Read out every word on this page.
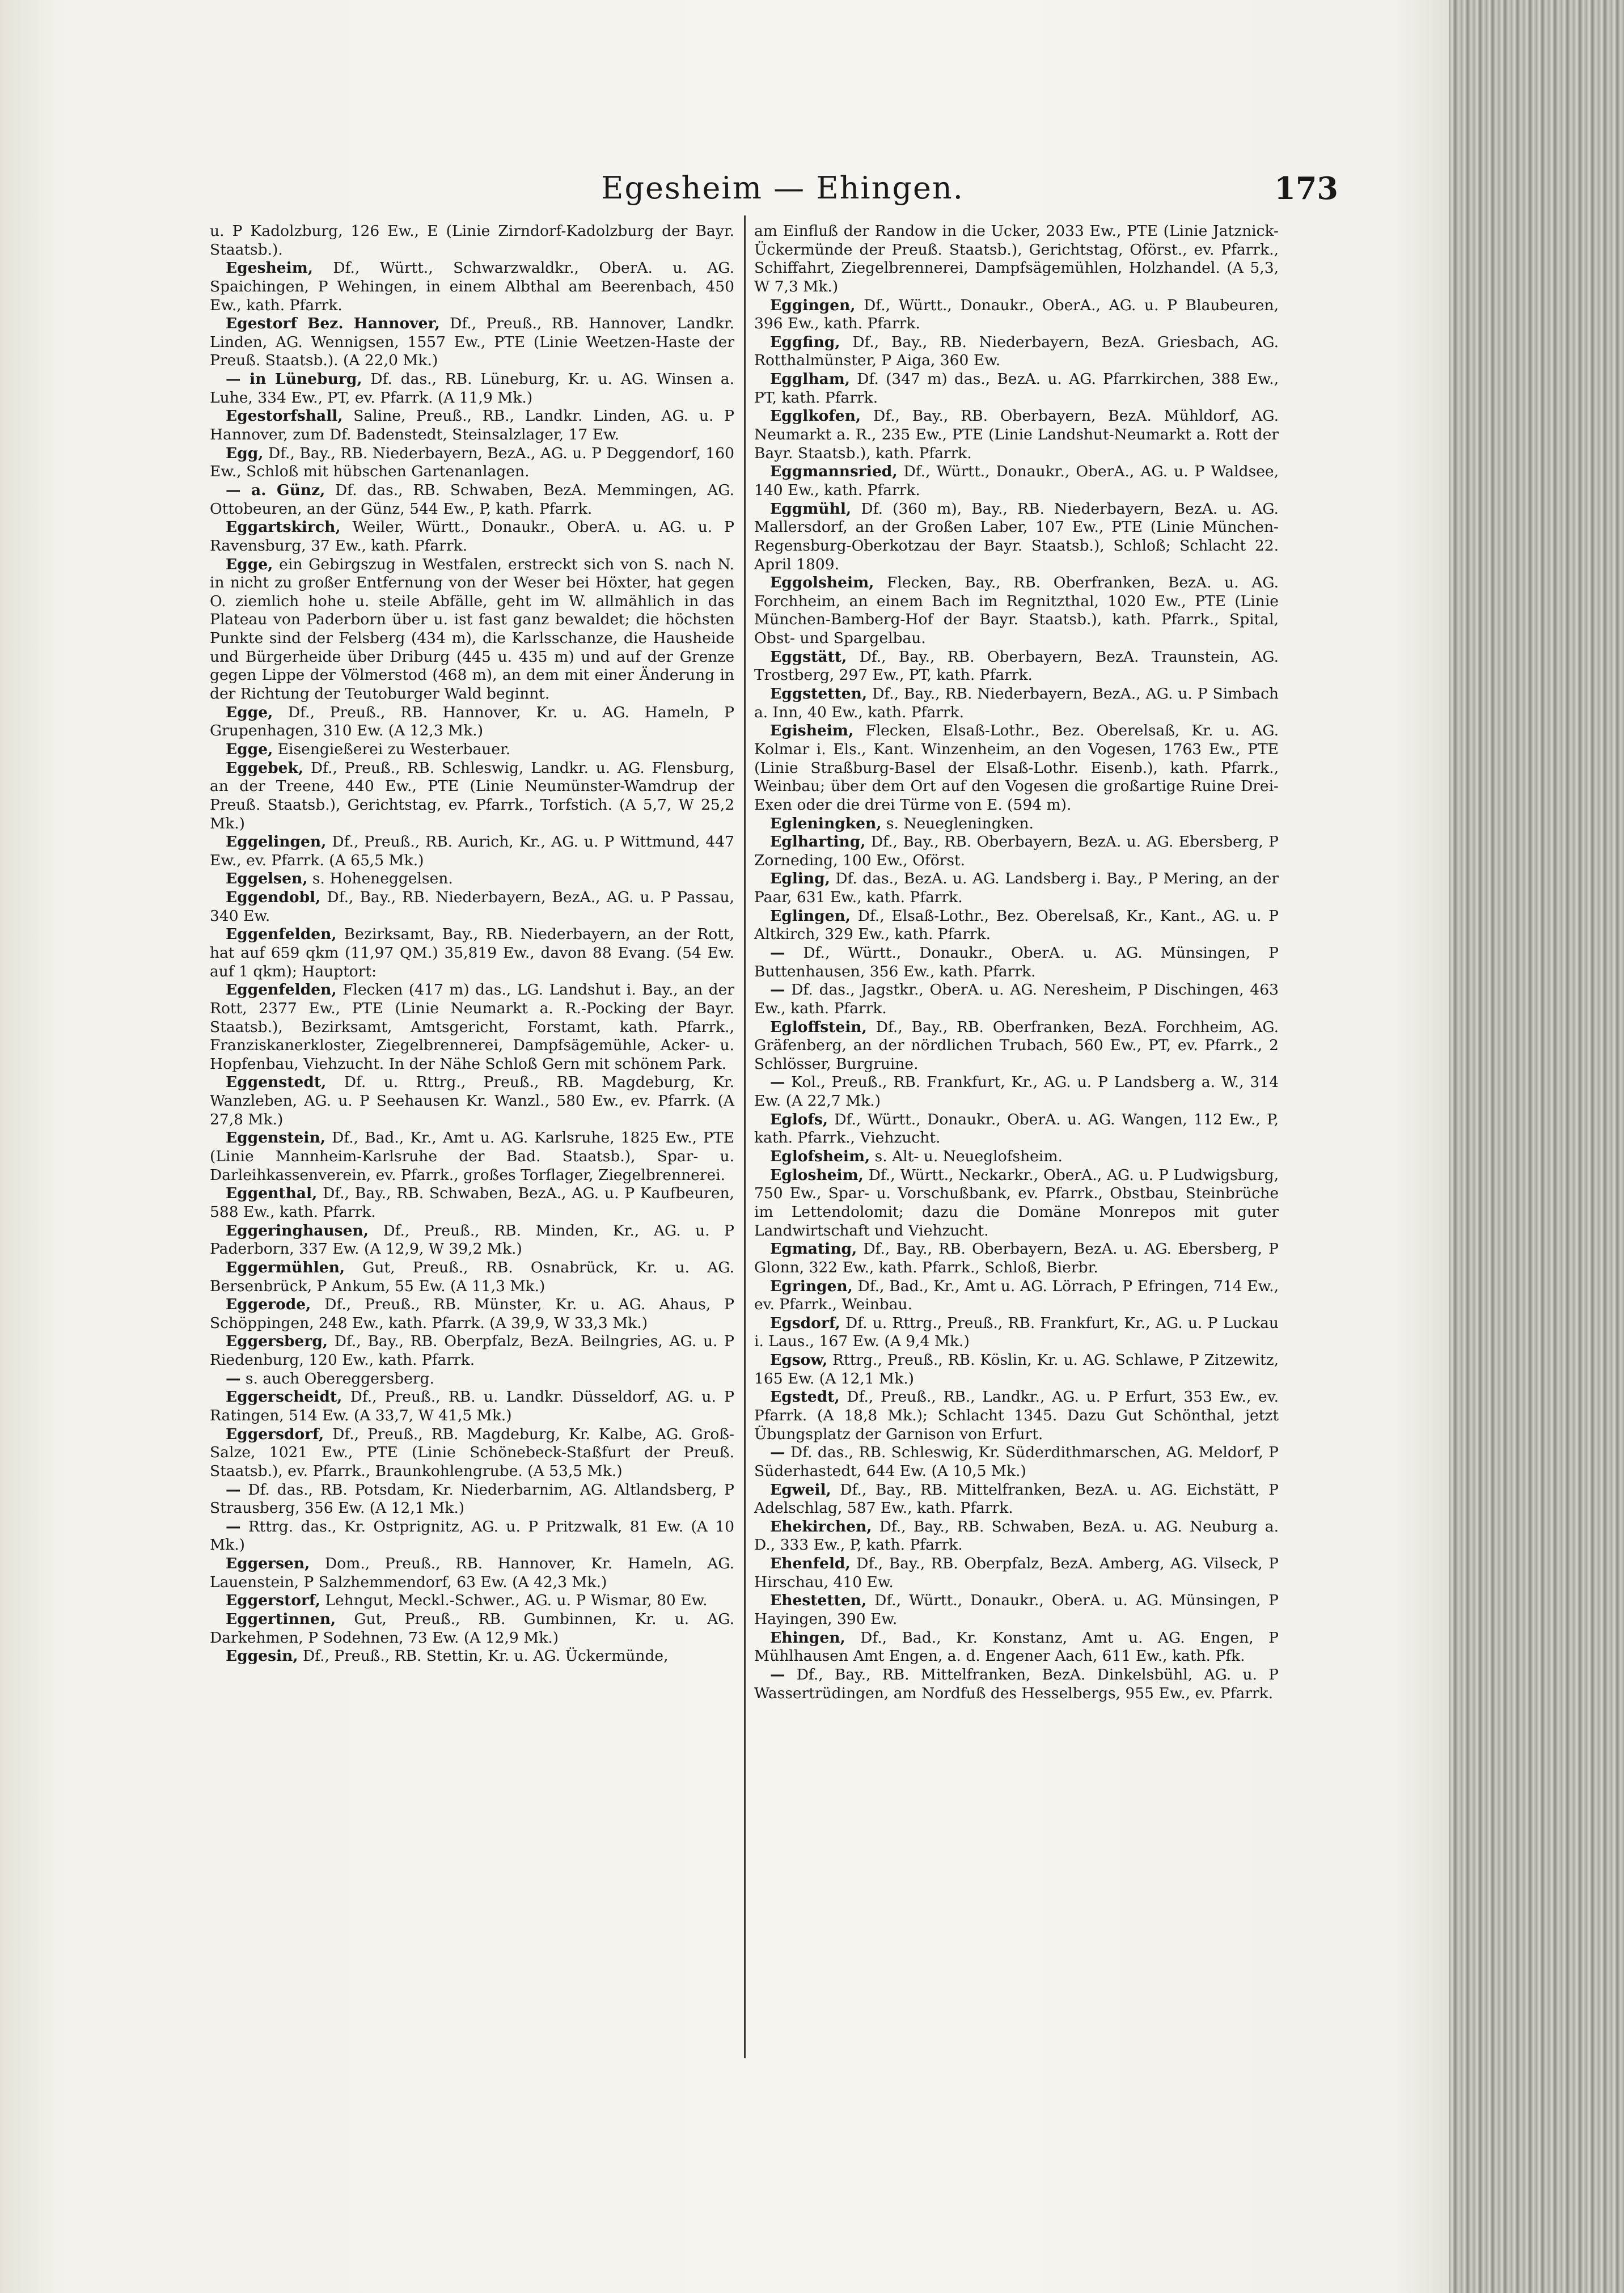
Egesheim — Ehingen.	173

u. P Kadolzburg, 126 Ew., E (Linie Zirndorf-Kadolzburg der Bayr. Staatsb.).

Egesheim, Df., Württ., Schwarzwaldkr., OberA. u. AG. Spaichingen, P Wehingen, in einem Albthal am Beerenbach, 450 Ew., kath. Pfarrk.

Egestorf Bez. Hannover, Df., Preuß., RB. Hannover, Landkr. Linden, AG. Wennigsen, 1557 Ew., PTE (Linie Weetzen-Haste der Preuß. Staatsb.). (A 22,0 Mk.)

— in Lüneburg, Df. das., RB. Lüneburg, Kr. u. AG. Winsen a. Luhe, 334 Ew., PT, ev. Pfarrk. (A 11,9 Mk.)

Egestorfshall, Saline, Preuß., RB., Landkr. Linden, AG. u. P Hannover, zum Df. Badenstedt, Steinsalzlager, 17 Ew.

Egg, Df., Bay., RB. Niederbayern, BezA., AG. u. P Deggendorf, 160 Ew., Schloß mit hübschen Gartenanlagen.

— a. Günz, Df. das., RB. Schwaben, BezA. Memmingen, AG. Ottobeuren, an der Günz, 544 Ew., P, kath. Pfarrk.

Eggartskirch, Weiler, Württ., Donaukr., OberA. u. AG. u. P Ravensburg, 37 Ew., kath. Pfarrk.

Egge, ein Gebirgszug in Westfalen, erstreckt sich von S. nach N. in nicht zu großer Entfernung von der Weser bei Höxter, hat gegen O. ziemlich hohe u. steile Abfälle, geht im W. allmählich in das Plateau von Paderborn über u. ist fast ganz bewaldet; die höchsten Punkte sind der Felsberg (434 m), die Karlsschanze, die Hausheide und Bürgerheide über Driburg (445 u. 435 m) und auf der Grenze gegen Lippe der Völmerstod (468 m), an dem mit einer Änderung in der Richtung der Teutoburger Wald beginnt.

Egge, Df., Preuß., RB. Hannover, Kr. u. AG. Hameln, P Grupenhagen, 310 Ew. (A 12,3 Mk.)

Egge, Eisengießerei zu Westerbauer.

Eggebek, Df., Preuß., RB. Schleswig, Landkr. u. AG. Flensburg, an der Treene, 440 Ew., PTE (Linie Neumünster-Wamdrup der Preuß. Staatsb.), Gerichtstag, ev. Pfarrk., Torfstich. (A 5,7, W 25,2 Mk.)

Eggelingen, Df., Preuß., RB. Aurich, Kr., AG. u. P Wittmund, 447 Ew., ev. Pfarrk. (A 65,5 Mk.)

Eggelsen, s. Hoheneggelsen.

Eggendobl, Df., Bay., RB. Niederbayern, BezA., AG. u. P Passau, 340 Ew.

Eggenfelden, Bezirksamt, Bay., RB. Niederbayern, an der Rott, hat auf 659 qkm (11,97 QM.) 35,819 Ew., davon 88 Evang. (54 Ew. auf 1 qkm); Hauptort:

Eggenfelden, Flecken (417 m) das., LG. Landshut i. Bay., an der Rott, 2377 Ew., PTE (Linie Neumarkt a. R.-Pocking der Bayr. Staatsb.), Bezirksamt, Amtsgericht, Forstamt, kath. Pfarrk., Franziskanerkloster, Ziegelbrennerei, Dampfsägemühle, Acker- u. Hopfenbau, Viehzucht. In der Nähe Schloß Gern mit schönem Park.

Eggenstedt, Df. u. Rttrg., Preuß., RB. Magdeburg, Kr. Wanzleben, AG. u. P Seehausen Kr. Wanzl., 580 Ew., ev. Pfarrk. (A 27,8 Mk.)

Eggenstein, Df., Bad., Kr., Amt u. AG. Karlsruhe, 1825 Ew., PTE (Linie Mannheim-Karlsruhe der Bad. Staatsb.), Spar- u. Darleihkassenverein, ev. Pfarrk., großes Torflager, Ziegelbrennerei.

Eggenthal, Df., Bay., RB. Schwaben, BezA., AG. u. P Kaufbeuren, 588 Ew., kath. Pfarrk.

Eggeringhausen, Df., Preuß., RB. Minden, Kr., AG. u. P Paderborn, 337 Ew. (A 12,9, W 39,2 Mk.)

Eggermühlen, Gut, Preuß., RB. Osnabrück, Kr. u. AG. Bersenbrück, P Ankum, 55 Ew. (A 11,3 Mk.)

Eggerode, Df., Preuß., RB. Münster, Kr. u. AG. Ahaus, P Schöppingen, 248 Ew., kath. Pfarrk. (A 39,9, W 33,3 Mk.)

Eggersberg, Df., Bay., RB. Oberpfalz, BezA. Beilngries, AG. u. P Riedenburg, 120 Ew., kath. Pfarrk.

— s. auch Obereggersberg.

Eggerscheidt, Df., Preuß., RB. u. Landkr. Düsseldorf, AG. u. P Ratingen, 514 Ew. (A 33,7, W 41,5 Mk.)

Eggersdorf, Df., Preuß., RB. Magdeburg, Kr. Kalbe, AG. Groß-Salze, 1021 Ew., PTE (Linie Schönebeck-Staßfurt der Preuß. Staatsb.), ev. Pfarrk., Braunkohlengrube. (A 53,5 Mk.)

— Df. das., RB. Potsdam, Kr. Niederbarnim, AG. Altlandsberg, P Strausberg, 356 Ew. (A 12,1 Mk.)

— Rttrg. das., Kr. Ostprignitz, AG. u. P Pritzwalk, 81 Ew. (A 10 Mk.)

Eggersen, Dom., Preuß., RB. Hannover, Kr. Hameln, AG. Lauenstein, P Salzhemmendorf, 63 Ew. (A 42,3 Mk.)

Eggerstorf, Lehngut, Meckl.-Schwer., AG. u. P Wismar, 80 Ew.

Eggertinnen, Gut, Preuß., RB. Gumbinnen, Kr. u. AG. Darkehmen, P Sodehnen, 73 Ew. (A 12,9 Mk.)

Eggesin, Df., Preuß., RB. Stettin, Kr. u. AG. Ückermünde,

am Einfluß der Randow in die Ucker, 2033 Ew., PTE (Linie Jatznick-Ückermünde der Preuß. Staatsb.), Gerichtstag, Oförst., ev. Pfarrk., Schiffahrt, Ziegelbrennerei, Dampfsägemühlen, Holzhandel. (A 5,3, W 7,3 Mk.)

Eggingen, Df., Württ., Donaukr., OberA., AG. u. P Blaubeuren, 396 Ew., kath. Pfarrk.

Eggfing, Df., Bay., RB. Niederbayern, BezA. Griesbach, AG. Rotthalmünster, P Aiga, 360 Ew.

Egglham, Df. (347 m) das., BezA. u. AG. Pfarrkirchen, 388 Ew., PT, kath. Pfarrk.

Egglkofen, Df., Bay., RB. Oberbayern, BezA. Mühldorf, AG. Neumarkt a. R., 235 Ew., PTE (Linie Landshut-Neumarkt a. Rott der Bayr. Staatsb.), kath. Pfarrk.

Eggmannsried, Df., Württ., Donaukr., OberA., AG. u. P Waldsee, 140 Ew., kath. Pfarrk.

Eggmühl, Df. (360 m), Bay., RB. Niederbayern, BezA. u. AG. Mallersdorf, an der Großen Laber, 107 Ew., PTE (Linie München-Regensburg-Oberkotzau der Bayr. Staatsb.), Schloß; Schlacht 22. April 1809.

Eggolsheim, Flecken, Bay., RB. Oberfranken, BezA. u. AG. Forchheim, an einem Bach im Regnitzthal, 1020 Ew., PTE (Linie München-Bamberg-Hof der Bayr. Staatsb.), kath. Pfarrk., Spital, Obst- und Spargelbau.

Eggstätt, Df., Bay., RB. Oberbayern, BezA. Traunstein, AG. Trostberg, 297 Ew., PT, kath. Pfarrk.

Eggstetten, Df., Bay., RB. Niederbayern, BezA., AG. u. P Simbach a. Inn, 40 Ew., kath. Pfarrk.

Egisheim, Flecken, Elsaß-Lothr., Bez. Oberelsaß, Kr. u. AG. Kolmar i. Els., Kant. Winzenheim, an den Vogesen, 1763 Ew., PTE (Linie Straßburg-Basel der Elsaß-Lothr. Eisenb.), kath. Pfarrk., Weinbau; über dem Ort auf den Vogesen die großartige Ruine Drei-Exen oder die drei Türme von E. (594 m).

Egleningken, s. Neuegleningken.

Eglharting, Df., Bay., RB. Oberbayern, BezA. u. AG. Ebersberg, P Zorneding, 100 Ew., Oförst.

Egling, Df. das., BezA. u. AG. Landsberg i. Bay., P Mering, an der Paar, 631 Ew., kath. Pfarrk.

Eglingen, Df., Elsaß-Lothr., Bez. Oberelsaß, Kr., Kant., AG. u. P Altkirch, 329 Ew., kath. Pfarrk.

— Df., Württ., Donaukr., OberA. u. AG. Münsingen, P Buttenhausen, 356 Ew., kath. Pfarrk.

— Df. das., Jagstkr., OberA. u. AG. Neresheim, P Dischingen, 463 Ew., kath. Pfarrk.

Egloffstein, Df., Bay., RB. Oberfranken, BezA. Forchheim, AG. Gräfenberg, an der nördlichen Trubach, 560 Ew., PT, ev. Pfarrk., 2 Schlösser, Burgruine.

— Kol., Preuß., RB. Frankfurt, Kr., AG. u. P Landsberg a. W., 314 Ew. (A 22,7 Mk.)

Eglofs, Df., Württ., Donaukr., OberA. u. AG. Wangen, 112 Ew., P, kath. Pfarrk., Viehzucht.

Eglofsheim, s. Alt- u. Neueglofsheim.

Eglosheim, Df., Württ., Neckarkr., OberA., AG. u. P Ludwigsburg, 750 Ew., Spar- u. Vorschußbank, ev. Pfarrk., Obstbau, Steinbrüche im Lettendolomit; dazu die Domäne Monrepos mit guter Landwirtschaft und Viehzucht.

Egmating, Df., Bay., RB. Oberbayern, BezA. u. AG. Ebersberg, P Glonn, 322 Ew., kath. Pfarrk., Schloß, Bierbr.

Egringen, Df., Bad., Kr., Amt u. AG. Lörrach, P Efringen, 714 Ew., ev. Pfarrk., Weinbau.

Egsdorf, Df. u. Rttrg., Preuß., RB. Frankfurt, Kr., AG. u. P Luckau i. Laus., 167 Ew. (A 9,4 Mk.)

Egsow, Rttrg., Preuß., RB. Köslin, Kr. u. AG. Schlawe, P Zitzewitz, 165 Ew. (A 12,1 Mk.)

Egstedt, Df., Preuß., RB., Landkr., AG. u. P Erfurt, 353 Ew., ev. Pfarrk. (A 18,8 Mk.); Schlacht 1345. Dazu Gut Schönthal, jetzt Übungsplatz der Garnison von Erfurt.

— Df. das., RB. Schleswig, Kr. Süderdithmarschen, AG. Meldorf, P Süderhastedt, 644 Ew. (A 10,5 Mk.)

Egweil, Df., Bay., RB. Mittelfranken, BezA. u. AG. Eichstätt, P Adelschlag, 587 Ew., kath. Pfarrk.

Ehekirchen, Df., Bay., RB. Schwaben, BezA. u. AG. Neuburg a. D., 333 Ew., P, kath. Pfarrk.

Ehenfeld, Df., Bay., RB. Oberpfalz, BezA. Amberg, AG. Vilseck, P Hirschau, 410 Ew.

Ehestetten, Df., Württ., Donaukr., OberA. u. AG. Münsingen, P Hayingen, 390 Ew.

Ehingen, Df., Bad., Kr. Konstanz, Amt u. AG. Engen, P Mühlhausen Amt Engen, a. d. Engener Aach, 611 Ew., kath. Pfk.

— Df., Bay., RB. Mittelfranken, BezA. Dinkelsbühl, AG. u. P Wassertrüdingen, am Nordfuß des Hesselbergs, 955 Ew., ev. Pfarrk.
